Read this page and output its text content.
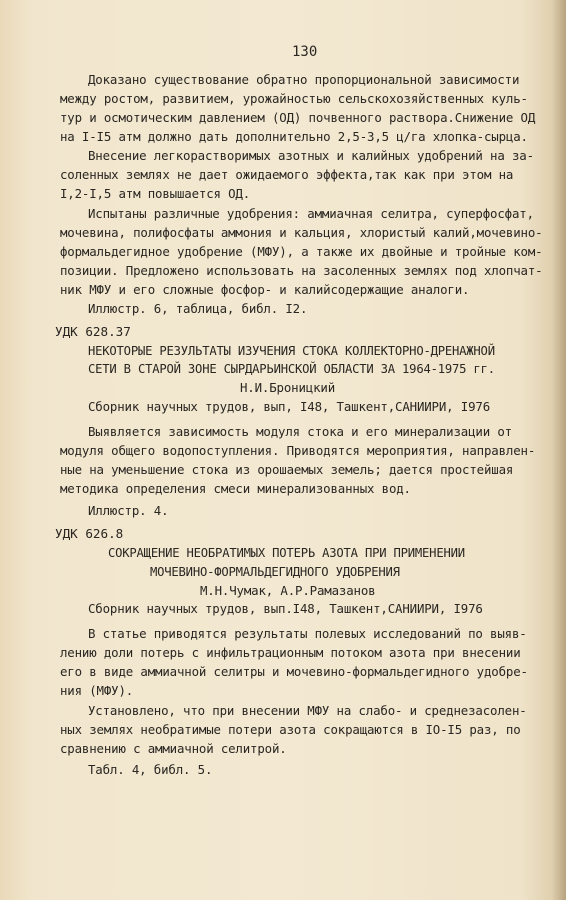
130
Доказано существование обратно пропорциональной зависимости
между ростом, развитием, урожайностью сельскохозяйственных куль-
тур и осмотическим давлением (ОД) почвенного раствора.Снижение ОД
на I-I5 атм должно дать дополнительно 2,5-3,5 ц/га хлопка-сырца.
Внесение легкорастворимых азотных и калийных удобрений на за-
соленных землях не дает ожидаемого эффекта,так как при этом на
I,2-I,5 атм повышается ОД.
Испытаны различные удобрения: аммиачная селитра, суперфосфат,
мочевина, полифосфаты аммония и кальция, хлористый калий,мочевино-
формальдегидное удобрение (МФУ), а также их двойные и тройные ком-
позиции. Предложено использовать на засоленных землях под хлопчат-
ник МФУ и его сложные фосфор- и калийсодержащие аналоги.
Иллюстр. 6, таблица, библ. I2.
УДК 628.37
НЕКОТОРЫЕ РЕЗУЛЬТАТЫ ИЗУЧЕНИЯ СТОКА КОЛЛЕКТОРНО-ДРЕНАЖНОЙ
СЕТИ В СТАРОЙ ЗОНЕ СЫРДАРЬИНСКОЙ ОБЛАСТИ ЗА 1964-1975 гг.
Н.И.Броницкий
Сборник научных трудов, вып, I48, Ташкент,САНИИРИ, I976
Выявляется зависимость модуля стока и его минерализации от
модуля общего водопоступления. Приводятся мероприятия, направлен-
ные на уменьшение стока из орошаемых земель; дается простейшая
методика определения смеси минерализованных вод.
Иллюстр. 4.
УДК 626.8
СОКРАЩЕНИЕ НЕОБРАТИМЫХ ПОТЕРЬ АЗОТА ПРИ ПРИМЕНЕНИИ
МОЧЕВИНО-ФОРМАЛЬДЕГИДНОГО УДОБРЕНИЯ
М.Н.Чумак, А.Р.Рамазанов
Сборник научных трудов, вып.I48, Ташкент,САНИИРИ, I976
В статье приводятся результаты полевых исследований по выяв-
лению доли потерь с инфильтрационным потоком азота при внесении
его в виде аммиачной селитры и мочевино-формальдегидного удобре-
ния (МФУ).
Установлено, что при внесении МФУ на слабо- и среднезасолен-
ных землях необратимые потери азота сокращаются в IO-I5 раз, по
сравнению с аммиачной селитрой.
Табл. 4, библ. 5.
